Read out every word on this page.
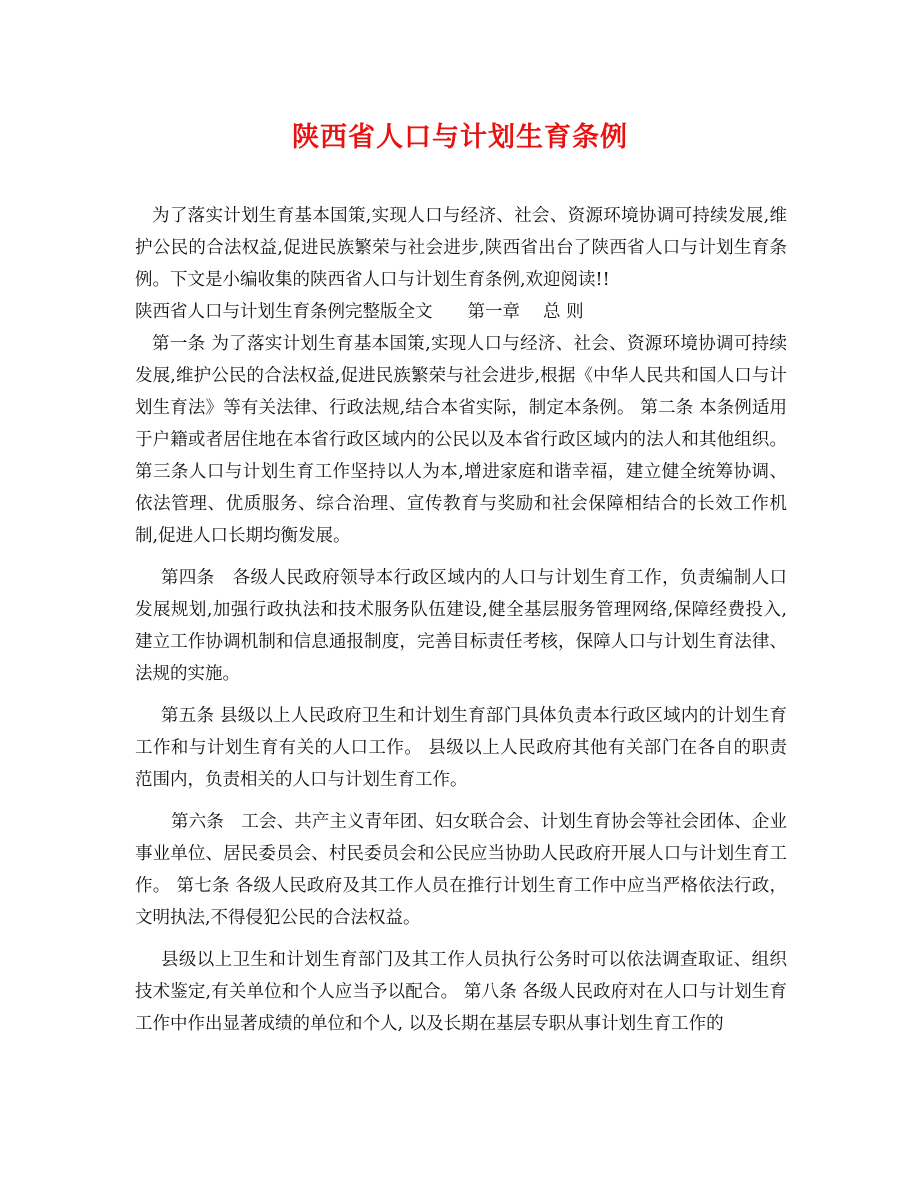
陕西省人口与计划生育条例

为了落实计划生育基本国策,实现人口与经济、社会、资源环境协调可持续发展,维护公民的合法权益,促进民族繁荣与社会进步,陕西省出台了陕西省人口与计划生育条例。下文是小编收集的陕西省人口与计划生育条例,欢迎阅读!!

陕西省人口与计划生育条例完整版全文　　第一章　 总 则

第一条 为了落实计划生育基本国策,实现人口与经济、社会、资源环境协调可持续发展,维护公民的合法权益,促进民族繁荣与社会进步,根据《中华人民共和国人口与计划生育法》等有关法律、行政法规,结合本省实际，制定本条例。 第二条 本条例适用于户籍或者居住地在本省行政区域内的公民以及本省行政区域内的法人和其他组织。 第三条人口与计划生育工作坚持以人为本,增进家庭和谐幸福，建立健全统筹协调、依法管理、优质服务、综合治理、宣传教育与奖励和社会保障相结合的长效工作机制,促进人口长期均衡发展。

第四条　各级人民政府领导本行政区域内的人口与计划生育工作，负责编制人口发展规划,加强行政执法和技术服务队伍建设,健全基层服务管理网络,保障经费投入,建立工作协调机制和信息通报制度，完善目标责任考核，保障人口与计划生育法律、法规的实施。

第五条 县级以上人民政府卫生和计划生育部门具体负责本行政区域内的计划生育工作和与计划生育有关的人口工作。 县级以上人民政府其他有关部门在各自的职责范围内，负责相关的人口与计划生育工作。

第六条　工会、共产主义青年团、妇女联合会、计划生育协会等社会团体、企业事业单位、居民委员会、村民委员会和公民应当协助人民政府开展人口与计划生育工作。 第七条 各级人民政府及其工作人员在推行计划生育工作中应当严格依法行政，文明执法,不得侵犯公民的合法权益。

县级以上卫生和计划生育部门及其工作人员执行公务时可以依法调查取证、组织技术鉴定,有关单位和个人应当予以配合。 第八条 各级人民政府对在人口与计划生育工作中作出显著成绩的单位和个人, 以及长期在基层专职从事计划生育工作的
